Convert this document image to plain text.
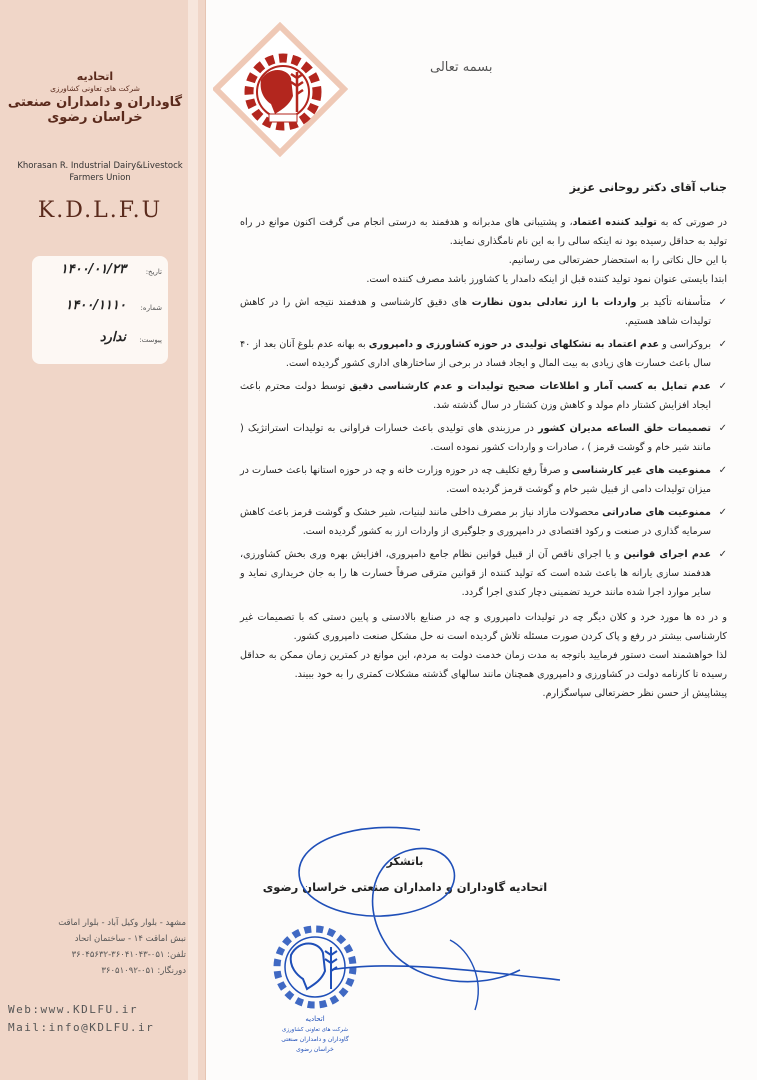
اتحادیه
شرکت های تعاونی کشاورزی
گاوداران و دامداران صنعتی
خراسان رضوی
Khorasan R. Industrial Dairy&Livestock
Farmers Union
K.D.L.F.U
تاریخ:
۱۴۰۰/۰۱/۲۳
شماره:
۱۴۰۰/۱۱۱۰
پیوست:
ندارد
مشهد - بلوار وکیل آباد - بلوار اماقت
نبش اماقت ۱۴ - ساختمان اتحاد
تلفن: ۰۵۱-۳۶۰۴۱۰۴۳-۳۶۰۴۵۶۳۲
دورنگار: ۰۵۱-۳۶۰۵۱۰۹۲
Web:www.KDLFU.ir
Mail:info@KDLFU.ir
بسمه تعالی

جناب آقای دکتر روحانی عزیز

در صورتی که به تولید کننده اعتماد، و پشتیبانی های مدبرانه و هدفمند به درستی انجام می گرفت اکنون موانع در راه تولید به حداقل رسیده بود نه اینکه سالی را به این نام نامگذاری نمایند.

با این حال نکاتی را به استحضار حضرتعالی می رسانیم.

ابتدا بایستی عنوان نمود تولید کننده قبل از اینکه دامدار یا کشاورز باشد مصرف کننده است.

✓
متأسفانه تأکید بر واردات با ارز تعادلی بدون نظارت های دقیق کارشناسی و هدفمند نتیجه اش را در کاهش تولیدات شاهد هستیم.

✓
بروکراسی و عدم اعتماد به تشکلهای تولیدی در حوزه کشاورزی و دامپروری به بهانه عدم بلوغ آنان بعد از ۴۰ سال باعث خسارت های زیادی به بیت المال و ایجاد فساد در برخی از ساختارهای اداری کشور گردیده است.

✓
عدم تمایل به کسب آمار و اطلاعات صحیح تولیدات و عدم کارشناسی دقیق توسط دولت محترم باعث ایجاد افزایش کشتار دام مولد و کاهش وزن کشتار در سال گذشته شد.

✓
تصمیمات خلق الساعه مدیران کشور در مرزبندی های تولیدی باعث خسارات فراوانی به تولیدات استراتژیک ( مانند شیر خام و گوشت قرمز ) ، صادرات و واردات کشور نموده است.

✓
ممنوعیت های غیر کارشناسی و صرفاً رفع تکلیف چه در حوزه وزارت خانه و چه در حوزه استانها باعث خسارت در میزان تولیدات دامی از قبیل شیر خام و گوشت قرمز گردیده است.

✓
ممنوعیت های صادراتی محصولات مازاد نیاز بر مصرف داخلی مانند لبنیات، شیر خشک و گوشت قرمز باعث کاهش سرمایه گذاری در صنعت و رکود اقتصادی در دامپروری و جلوگیری از واردات ارز به کشور گردیده است.

✓
عدم اجرای قوانین و یا اجرای ناقص آن از قبیل قوانین نظام جامع دامپروری، افزایش بهره وری بخش کشاورزی، هدفمند سازی یارانه ها باعث شده است که تولید کننده از قوانین مترقی صرفاً خسارت ها را به جان خریداری نماید و سایر موارد اجرا شده مانند خرید تضمینی دچار کندی اجرا گردد.

و در ده ها مورد خرد و کلان دیگر چه در تولیدات دامپروری و چه در صنایع بالادستی و پایین دستی که با تصمیمات غیر کارشناسی بیشتر در رفع و پاک کردن صورت مسئله تلاش گردیده است نه حل مشکل صنعت دامپروری کشور.

لذا خواهشمند است دستور فرمایید باتوجه به مدت زمان خدمت دولت به مردم، این موانع در کمترین زمان ممکن به حداقل رسیده تا کارنامه دولت در کشاورزی و دامپروری همچنان مانند سالهای گذشته مشکلات کمتری را به خود ببیند.

پیشاپیش از حسن نظر حضرتعالی سپاسگزارم.

باتشکر
اتحادیه گاوداران و دامداران صنعتی خراسان رضوی
اتحادیه
شرکت های تعاونی کشاورزی
گاوداران و دامداران صنعتی
خراسان رضوی
